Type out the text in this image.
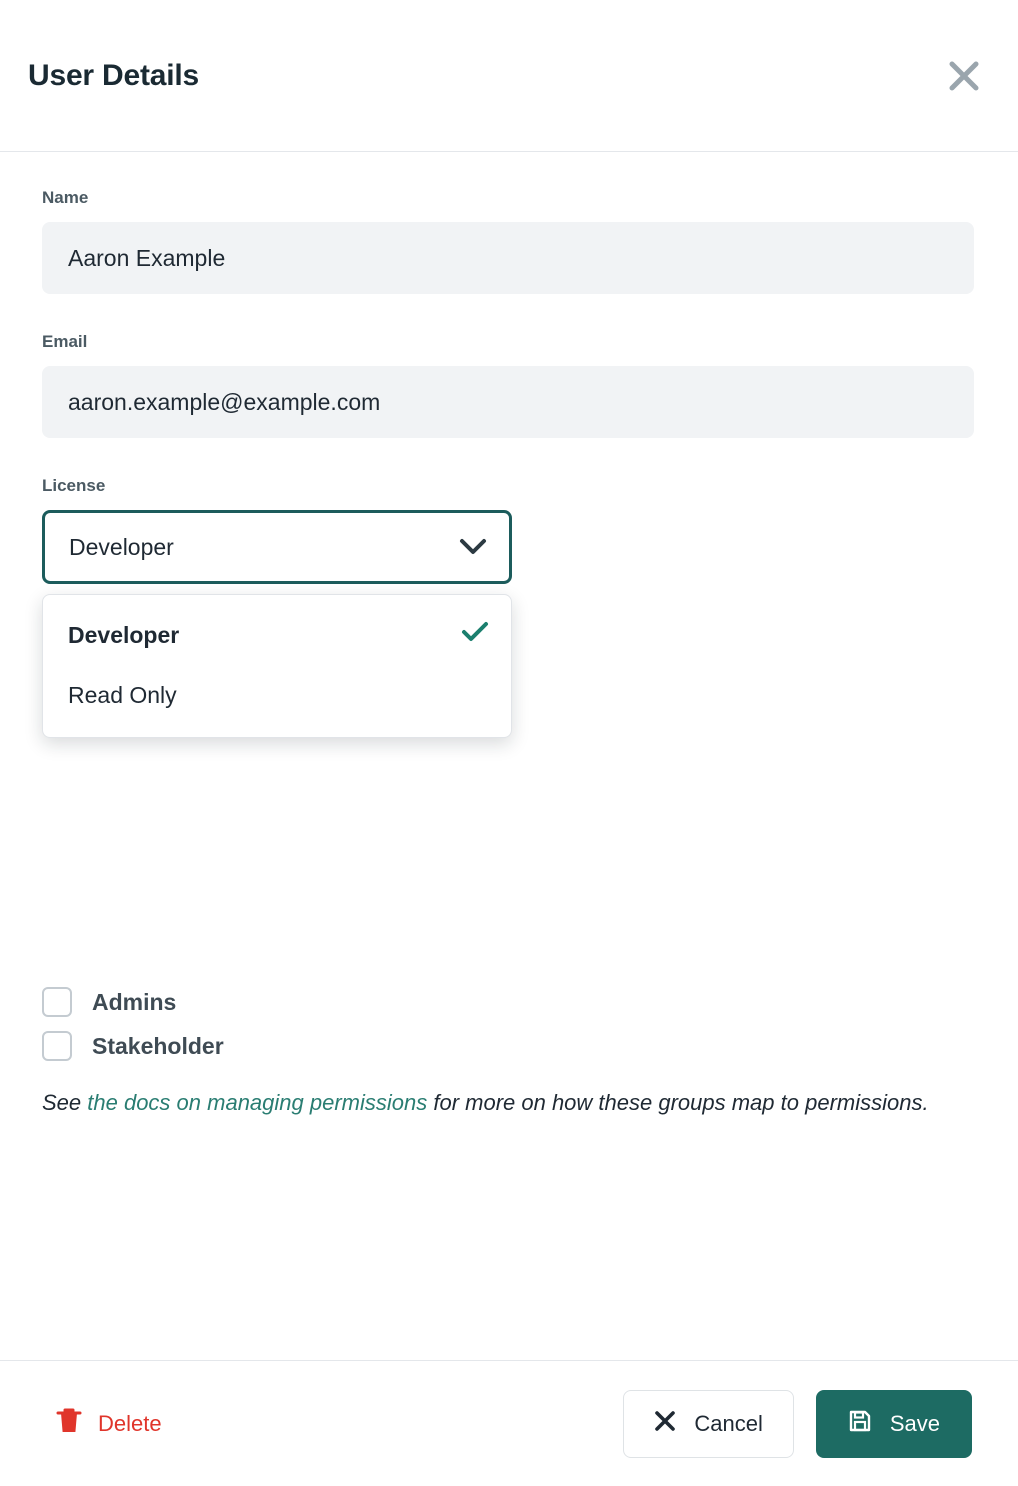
User Details
Name
Aaron Example
Email
aaron.example@example.com
License
Developer
Developer
Read Only
Admins
Stakeholder
See the docs on managing permissions for more on how these groups map to permissions.
Delete	Cancel	Save
